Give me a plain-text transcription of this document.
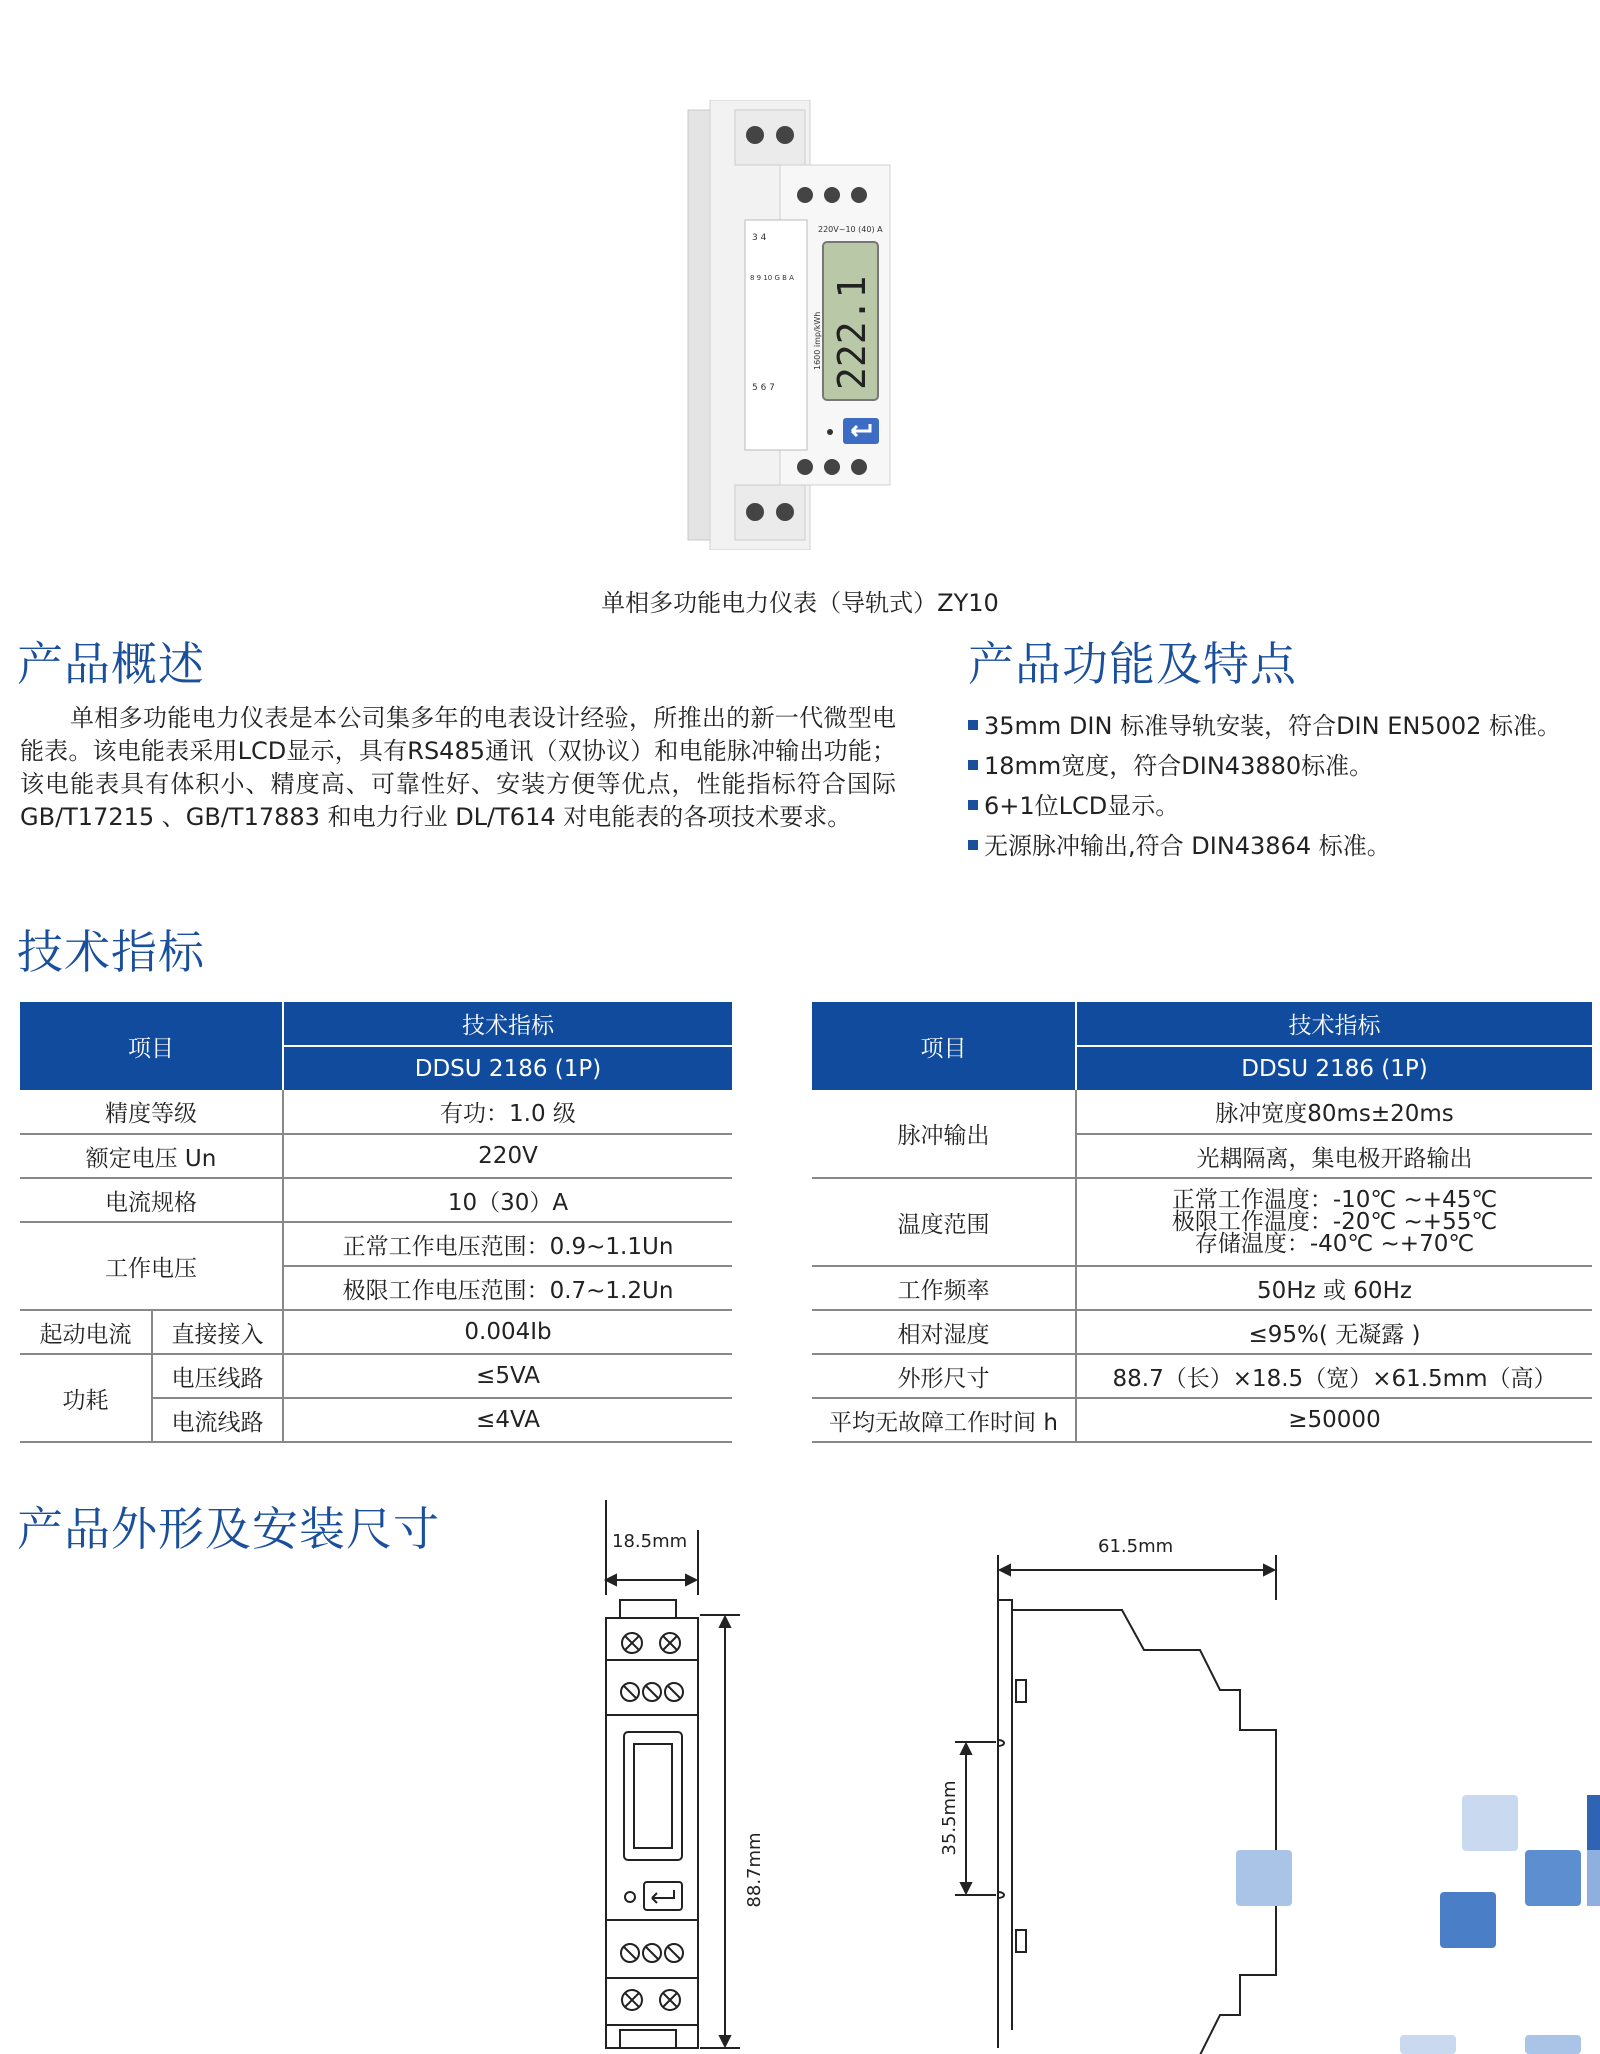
3 4
8 9 10 G B A
5 6 7
220V~10 (40) A
1600 imp/kWh 222.1
单相多功能电力仪表（导轨式）ZY10
产品概述

单相多功能电力仪表是本公司集多年的电表设计经验，所推出的新一代微型电能表。该电能表采用LCD显示，具有RS485通讯（双协议）和电能脉冲输出功能；该电能表具有体积小、精度高、可靠性好、安装方便等优点，性能指标符合国际GB/T17215 、GB/T17883 和电力行业 DL/T614 对电能表的各项技术要求。

产品功能及特点
35mm DIN 标准导轨安装，符合DIN EN5002 标准。
18mm宽度，符合DIN43880标准。
6+1位LCD显示。
无源脉冲输出,符合 DIN43864 标准。
技术指标
项目		技术指标
		DDSU 2186 (1P)
精度等级		有功：1.0 级
额定电压 Un		220V
电流规格		10（30）A
工作电压		正常工作电压范围：0.9~1.1Un
		极限工作电压范围：0.7~1.2Un
起动电流	直接接入	0.004Ib
功耗	电压线路	≤5VA
	电流线路	≤4VA
项目	技术指标
	DDSU 2186 (1P)
脉冲输出	脉冲宽度80ms±20ms
	光耦隔离，集电极开路输出
温度范围	正常工作温度：-10℃ ~+45℃
极限工作温度：-20℃ ~+55℃
存储温度：-40℃ ~+70℃

工作频率	50Hz 或 60Hz
相对湿度	≤95%( 无凝露 )
外形尺寸	88.7（长）×18.5（宽）×61.5mm（高）
平均无故障工作时间 h	≥50000
产品外形及安装尺寸	18.5mm
88.7mm
61.5mm
35.5mm
